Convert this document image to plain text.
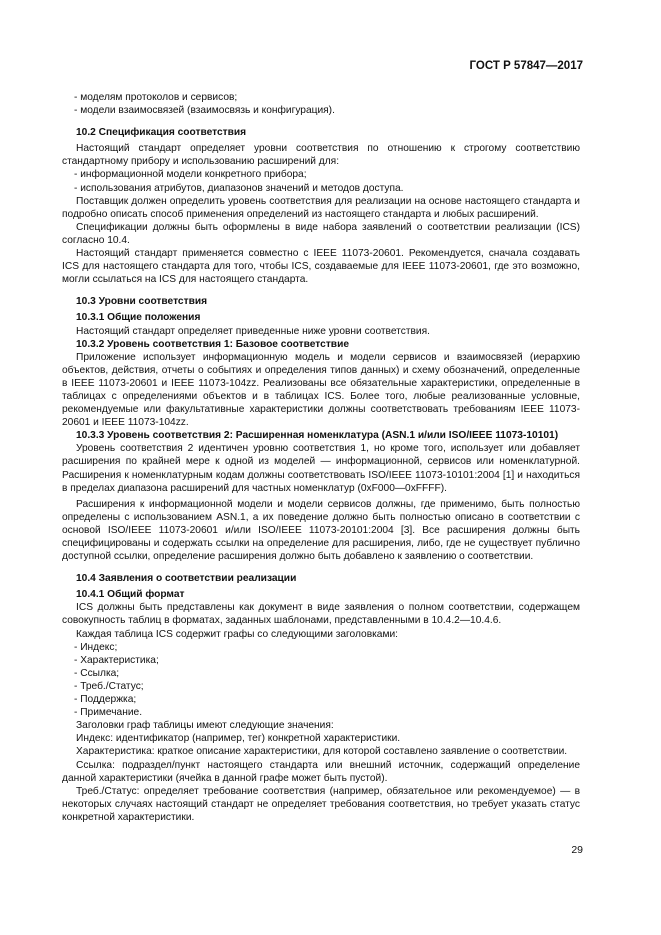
ГОСТ Р 57847—2017

- моделям протоколов и сервисов;

- модели взаимосвязей (взаимосвязь и конфигурация).

10.2 Спецификация соответствия

Настоящий стандарт определяет уровни соответствия по отношению к строгому соответствию стандартному прибору и использованию расширений для:

- информационной модели конкретного прибора;

- использования атрибутов, диапазонов значений и методов доступа.

Поставщик должен определить уровень соответствия для реализации на основе настоящего стандарта и подробно описать способ применения определений из настоящего стандарта и любых расширений.

Спецификации должны быть оформлены в виде набора заявлений о соответствии реализации (ICS) согласно 10.4.

Настоящий стандарт применяется совместно с IEEE 11073-20601. Рекомендуется, сначала создавать ICS для настоящего стандарта для того, чтобы ICS, создаваемые для IEEE 11073-20601, где это возможно, могли ссылаться на ICS для настоящего стандарта.

10.3 Уровни соответствия

10.3.1 Общие положения

Настоящий стандарт определяет приведенные ниже уровни соответствия.

10.3.2 Уровень соответствия 1: Базовое соответствие

Приложение использует информационную модель и модели сервисов и взаимосвязей (иерархию объектов, действия, отчеты о событиях и определения типов данных) и схему обозначений, определенные в IEEE 11073-20601 и IEEE 11073-104zz. Реализованы все обязательные характеристики, определенные в таблицах с определениями объектов и в таблицах ICS. Более того, любые реализованные условные, рекомендуемые или факультативные характеристики должны соответствовать требованиям IEEE 11073-20601 и IEEE 11073-104zz.

10.3.3 Уровень соответствия 2: Расширенная номенклатура (ASN.1 и/или ISO/IEEE 11073-10101)

Уровень соответствия 2 идентичен уровню соответствия 1, но кроме того, использует или добавляет расширения по крайней мере к одной из моделей — информационной, сервисов или номенклатурной. Расширения к номенклатурным кодам должны соответствовать ISO/IEEE 11073-10101:2004 [1] и находиться в пределах диапазона расширений для частных номенклатур (0xF000—0xFFFF).

Расширения к информационной модели и модели сервисов должны, где применимо, быть полностью определены с использованием ASN.1, а их поведение должно быть полностью описано в соответствии с основой ISO/IEEE 11073-20601 и/или ISO/IEEE 11073-20101:2004 [3]. Все расширения должны быть специфицированы и содержать ссылки на определение для расширения, либо, где не существует публично доступной ссылки, определение расширения должно быть добавлено к заявлению о соответствии.

10.4 Заявления о соответствии реализации

10.4.1 Общий формат

ICS должны быть представлены как документ в виде заявления о полном соответствии, содержащем совокупность таблиц в форматах, заданных шаблонами, представленными в 10.4.2—10.4.6.

Каждая таблица ICS содержит графы со следующими заголовками:

- Индекс;

- Характеристика;

- Ссылка;

- Треб./Статус;

- Поддержка;

- Примечание.

Заголовки граф таблицы имеют следующие значения:

Индекс: идентификатор (например, тег) конкретной характеристики.

Характеристика: краткое описание характеристики, для которой составлено заявление о соответствии.

Ссылка: подраздел/пункт настоящего стандарта или внешний источник, содержащий определение данной характеристики (ячейка в данной графе может быть пустой).

Треб./Статус: определяет требование соответствия (например, обязательное или рекомендуемое) — в некоторых случаях настоящий стандарт не определяет требования соответствия, но требует указать статус конкретной характеристики.

29
